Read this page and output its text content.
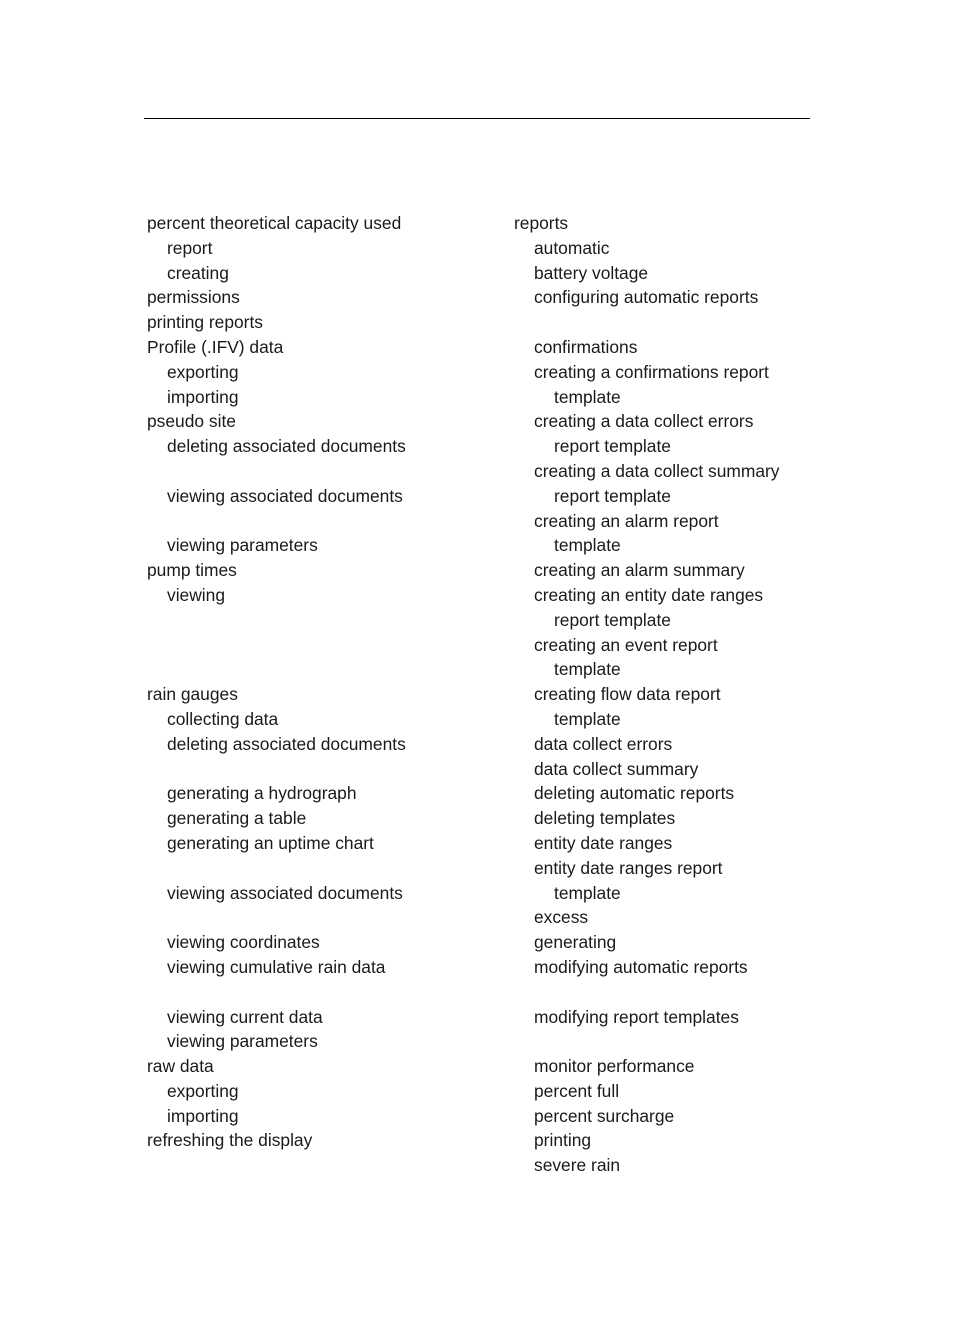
percent theoretical capacity used
report
creating
permissions
printing reports
Profile (.IFV) data
exporting
importing
pseudo site
deleting associated documents
viewing associated documents
viewing parameters
pump times
viewing
rain gauges
collecting data
deleting associated documents
generating a hydrograph
generating a table
generating an uptime chart
viewing associated documents
viewing coordinates
viewing cumulative rain data
viewing current data
viewing parameters
raw data
exporting
importing
refreshing the display
reports
automatic
battery voltage
configuring automatic reports
confirmations
creating a confirmations report
template
creating a data collect errors
report template
creating a data collect summary
report template
creating an alarm report
template
creating an alarm summary
creating an entity date ranges
report template
creating an event report
template
creating flow data report
template
data collect errors
data collect summary
deleting automatic reports
deleting templates
entity date ranges
entity date ranges report
template
excess
generating
modifying automatic reports
modifying report templates
monitor performance
percent full
percent surcharge
printing
severe rain
